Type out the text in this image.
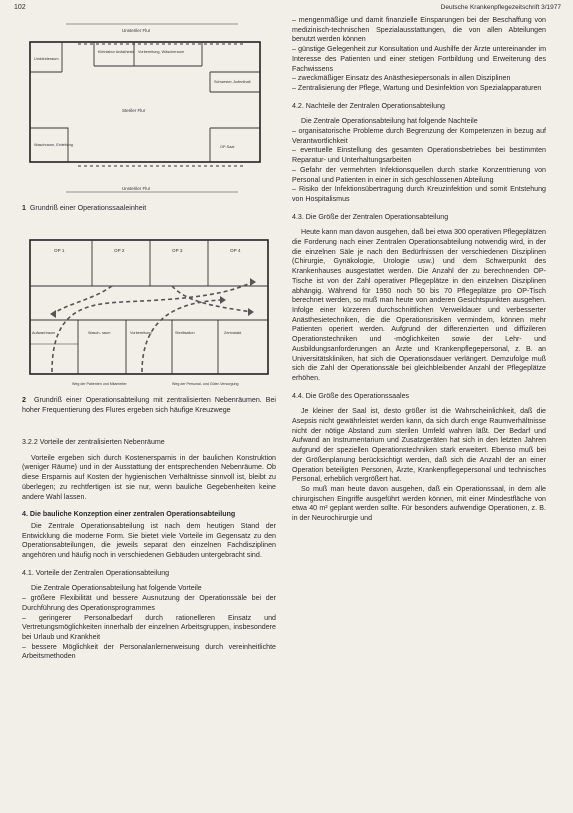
102	Deutsche Krankenpflegezeitschrift 3/1977
Unsteriler Flur
Kleinlabor Anästhesie Vorbereitung, Wäscheraum
Umkleideraum
Steriler Flur
Schwester, Aufenthalt
Waschraum, Einleitung	OP-Saal
Unsteriler Flur
1 Grundriß einer Operationssaaleinheit
OP 1	OP 2	OP 3	OP 4
Aufwachraum	Wasch- raum	Vorbereitung	Sterilisation	Zentralabt.
Weg der Patienten und Mitarbeiter	Weg der Personal- und Güter-Versorgung
2 Grundriß einer Operationsabteilung mit zentralisierten Nebenräumen. Bei hoher Frequentierung des Flures ergeben sich häufige Kreuzwege
3.2.2 Vorteile der zentralisierten Nebenräume

Vorteile ergeben sich durch Kostenersparnis in der baulichen Konstruktion (weniger Räume) und in der Ausstattung der entsprechenden Nebenräume. Ob diese Ersparnis auf Kosten der hygienischen Verhältnisse sinnvoll ist, bleibt zu überlegen; zu rechtfertigen ist sie nur, wenn bauliche Gegebenheiten keine andere Wahl lassen.

4. Die bauliche Konzeption einer zentralen Operationsabteilung

Die Zentrale Operationsabteilung ist nach dem heutigen Stand der Entwicklung die moderne Form. Sie bietet viele Vorteile im Gegensatz zu den Operationsabteilungen, die jeweils separat den einzelnen Fachdisziplinen angehören und häufig noch in verschiedenen Gebäuden untergebracht sind.

4.1. Vorteile der Zentralen Operationsabteilung

Die Zentrale Operationsabteilung hat folgende Vorteile

– größere Flexibilität und bessere Ausnutzung der Operationssäle bei der Durchführung des Operationsprogrammes
– geringerer Personalbedarf durch rationelleren Einsatz und Vertretungsmöglichkeiten innerhalb der einzelnen Arbeitsgruppen, insbesondere bei Urlaub und Krankheit
– bessere Möglichkeit der Personalanlernerweisung durch vereinheitlichte Arbeitsmethoden
– mengenmäßige und damit finanzielle Einsparungen bei der Beschaffung von medizinisch-technischen Spezialausstattungen, die von allen Abteilungen benutzt werden können
– günstige Gelegenheit zur Konsultation und Aushilfe der Ärzte untereinander im Interesse des Patienten und einer stetigen Fortbildung und Erweiterung des Fachwissens
– zweckmäßiger Einsatz des Anästhesiepersonals in allen Disziplinen
– Zentralisierung der Pflege, Wartung und Desinfektion von Spezialapparaturen
4.2. Nachteile der Zentralen Operationsabteilung

Die Zentrale Operationsabteilung hat folgende Nachteile

– organisatorische Probleme durch Begrenzung der Kompetenzen in bezug auf Verantwortlichkeit
– eventuelle Einstellung des gesamten Operationsbetriebes bei bestimmten Reparatur- und Unterhaltungsarbeiten
– Gefahr der vermehrten Infektionsquellen durch starke Konzentrierung von Personal und Patienten in einer in sich geschlossenen Abteilung
– Risiko der Infektionsübertragung durch Kreuzinfektion und somit Entstehung von Hospitalismus
4.3. Die Größe der Zentralen Operationsabteilung

Heute kann man davon ausgehen, daß bei etwa 300 operativen Pflegeplätzen die Forderung nach einer Zentralen Operationsabteilung notwendig wird, in der die einzelnen Säle je nach den Bedürfnissen der verschiedenen Disziplinen (Chirurgie, Gynäkologie, Urologie usw.) und dem Schwerpunkt des Krankenhauses ausgestattet werden. Die Anzahl der zu berechnenden OP-Tische ist von der Zahl operativer Pflegeplätze in den einzelnen Disziplinen abhängig. Während für 1950 noch 50 bis 70 Pflegeplätze pro OP-Tisch berechnet werden, so muß man heute von anderen Gesichtspunkten ausgehen. Infolge einer kürzeren durchschnittlichen Verweildauer und verbesserter Anästhesietechniken, die die Operationsrisiken vermindern, können mehr Patienten operiert werden. Aufgrund der differenzierten und diffizileren Operationstechniken und -möglichkeiten sowie der Lehr- und Ausbildungsanforderungen an Ärzte und Krankenpflegepersonal, z. B. an Universitätskliniken, hat sich die Operationsdauer verlängert. Demzufolge muß sich die Zahl der Operationssäle bei gleichbleibender Anzahl der Pflegeplätze erhöhen.

4.4. Die Größe des Operationssaales

Je kleiner der Saal ist, desto größer ist die Wahrscheinlichkeit, daß die Asepsis nicht gewährleistet werden kann, da sich durch enge Raumverhältnisse nicht der nötige Abstand zum sterilen Umfeld wahren läßt. Der Bedarf und Aufwand an Instrumentarium und Zusatzgeräten hat sich in den letzten Jahren aufgrund der speziellen Operationstechniken stark erweitert. Ebenso muß bei der Größenplanung berücksichtigt werden, daß sich die Anzahl der an einer Operation beteiligten Personen, Ärzte, Krankenpflegepersonal und technisches Personal, erheblich vergrößert hat.

So muß man heute davon ausgehen, daß ein Operationssaal, in dem alle chirurgischen Eingriffe ausgeführt werden können, mit einer Mindestfläche von etwa 40 m² geplant werden sollte. Für besonders aufwendige Operationen, z. B. in der Neurochirurgie und
